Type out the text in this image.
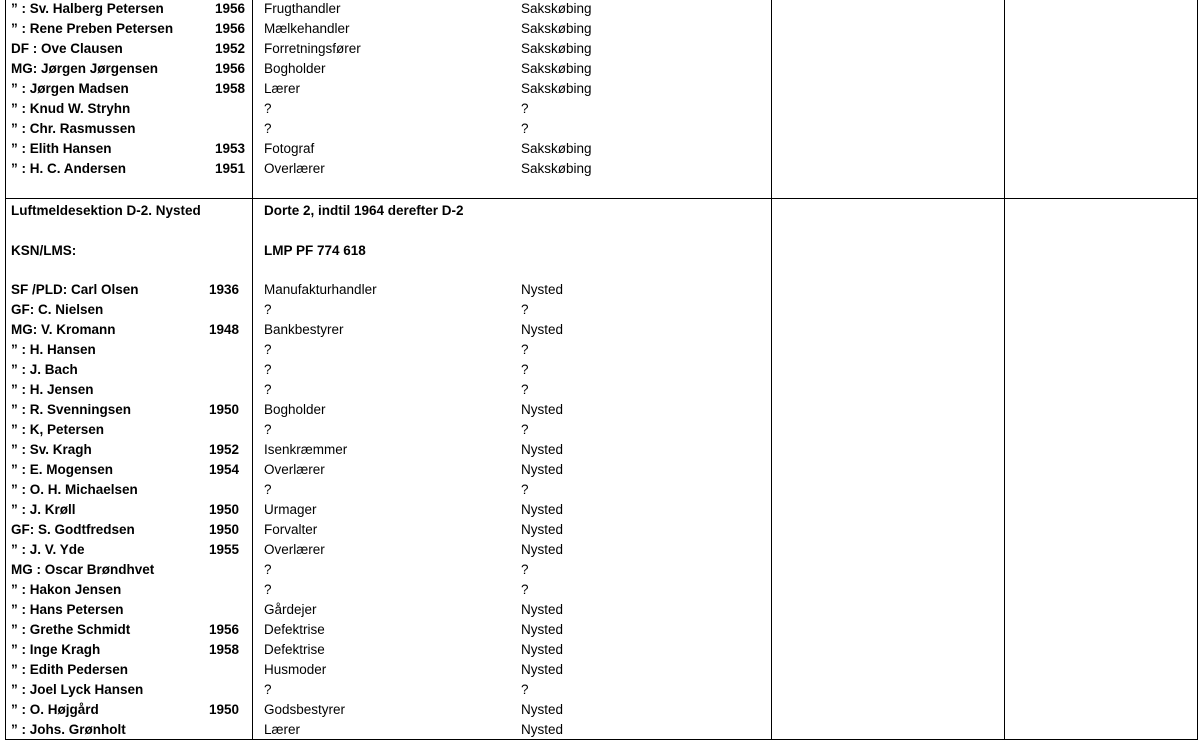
” : Sv. Halberg Petersen	1956 Frugthandler	Sakskøbing
” : Rene Preben Petersen	1956 Mælkehandler	Sakskøbing
DF : Ove Clausen	1952 Forretningsfører	Sakskøbing
MG: Jørgen Jørgensen	1956 Bogholder	Sakskøbing
” : Jørgen Madsen	1958 Lærer	Sakskøbing
” : Knud W. Stryhn	?	?
” : Chr. Rasmussen	?	?
” : Elith Hansen	1953 Fotograf	Sakskøbing
” : H. C. Andersen	1951 Overlærer	Sakskøbing
Luftmeldesektion D-2. Nysted	Dorte 2, indtil 1964 derefter D-2
KSN/LMS:	LMP PF 774 618
SF /PLD: Carl Olsen	1936 Manufakturhandler	Nysted
GF: C. Nielsen	?	?
MG: V. Kromann	1948 Bankbestyrer	Nysted
” : H. Hansen	?	?
” : J. Bach	?	?
” : H. Jensen	?	?
” : R. Svenningsen	1950 Bogholder	Nysted
” : K, Petersen	?	?
” : Sv. Kragh	1952 Isenkræmmer	Nysted
” : E. Mogensen	1954 Overlærer	Nysted
” : O. H. Michaelsen	?	?
” : J. Krøll	1950 Urmager	Nysted
GF: S. Godtfredsen	1950 Forvalter	Nysted
” : J. V. Yde	1955 Overlærer	Nysted
MG : Oscar Brøndhvet	?	?
” : Hakon Jensen	?	?
” : Hans Petersen	Gårdejer	Nysted
” : Grethe Schmidt	1956 Defektrise	Nysted
” : Inge Kragh	1958 Defektrise	Nysted
” : Edith Pedersen	Husmoder	Nysted
” : Joel Lyck Hansen	?	?
” : O. Højgård	1950 Godsbestyrer	Nysted
” : Johs. Grønholt	Lærer	Nysted
